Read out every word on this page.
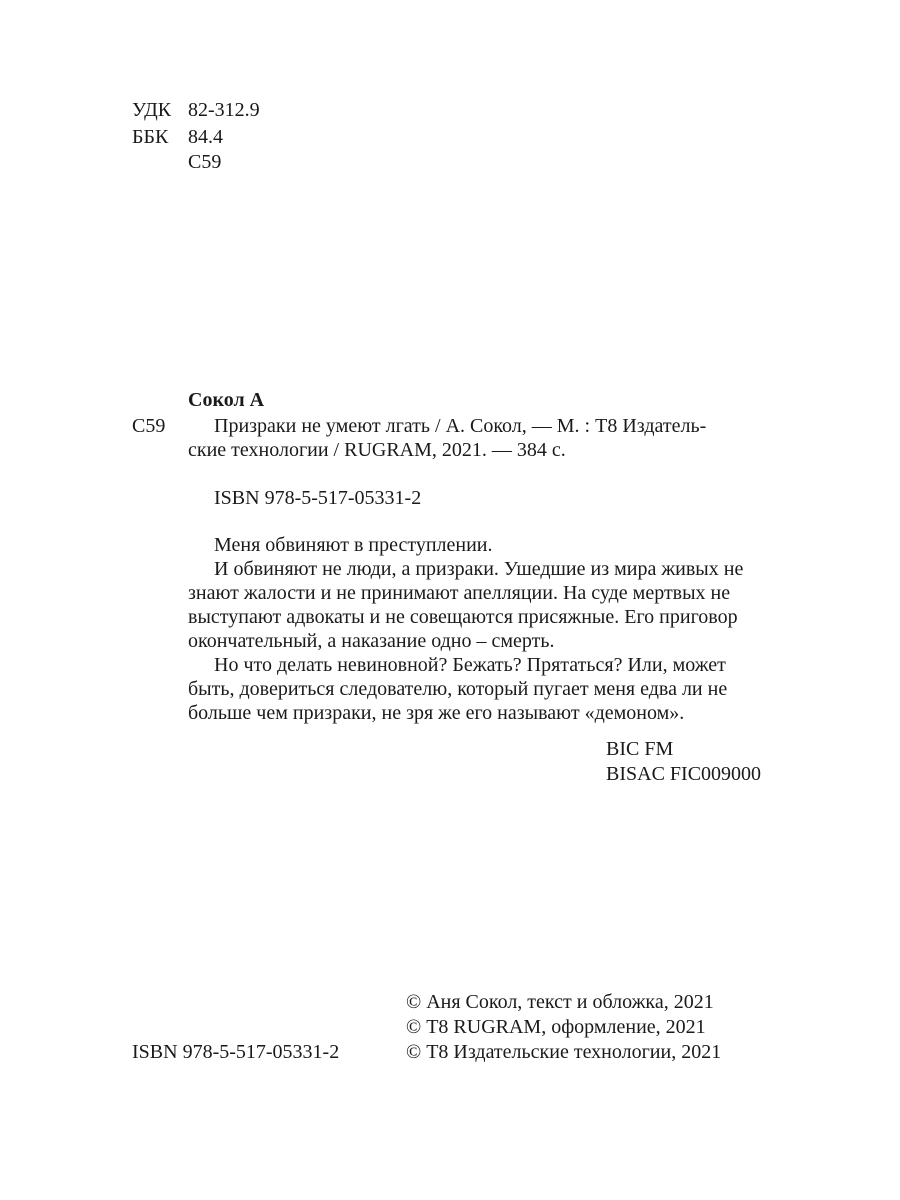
УДК 82-312.9
ББК 84.4
С59
Сокол А
С59 Призраки не умеют лгать / А. Сокол, — М. : Т8 Издатель-
ские технологии / RUGRAM, 2021. — 384 с.
ISBN 978-5-517-05331-2

Меня обвиняют в преступлении.

И обвиняют не люди, а призраки. Ушедшие из мира живых не

знают жалости и не принимают апелляции. На суде мертвых не

выступают адвокаты и не совещаются присяжные. Его приговор

окончательный, а наказание одно – смерть.

Но что делать невиновной? Бежать? Прятаться? Или, может

быть, довериться следователю, который пугает меня едва ли не

больше чем призраки, не зря же его называют «демоном».

BIC FM
BISAC FIC009000
ISBN 978-5-517-05331-2
© Аня Сокол, текст и обложка, 2021
© Т8 RUGRAM, оформление, 2021
© Т8 Издательские технологии, 2021
